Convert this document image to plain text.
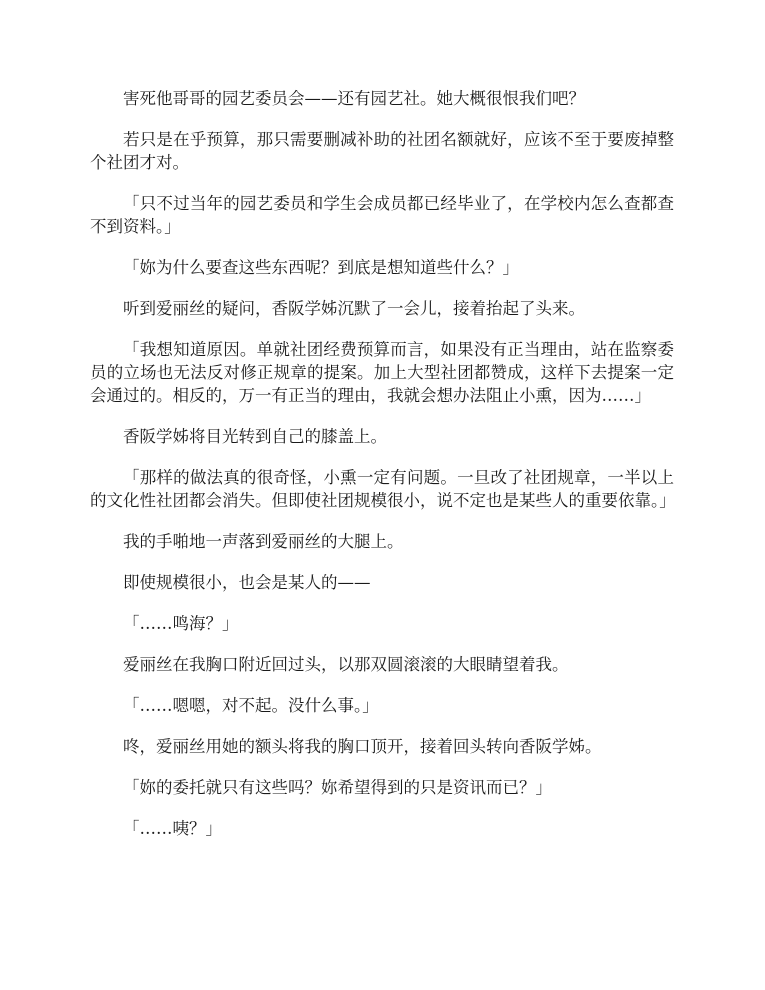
害死他哥哥的园艺委员会——还有园艺社。她大概很恨我们吧？

若只是在乎预算，那只需要删减补助的社团名额就好，应该不至于要废掉整个社团才对。

「只不过当年的园艺委员和学生会成员都已经毕业了，在学校内怎么查都查不到资料。」

「妳为什么要查这些东西呢？到底是想知道些什么？」

听到爱丽丝的疑问，香阪学姊沉默了一会儿，接着抬起了头来。

「我想知道原因。单就社团经费预算而言，如果没有正当理由，站在监察委员的立场也无法反对修正规章的提案。加上大型社团都赞成，这样下去提案一定会通过的。相反的，万一有正当的理由，我就会想办法阻止小熏，因为……」

香阪学姊将目光转到自己的膝盖上。

「那样的做法真的很奇怪，小熏一定有问题。一旦改了社团规章，一半以上的文化性社团都会消失。但即使社团规模很小，说不定也是某些人的重要依靠。」

我的手啪地一声落到爱丽丝的大腿上。

即使规模很小，也会是某人的——

「……鸣海？」

爱丽丝在我胸口附近回过头，以那双圆滚滚的大眼睛望着我。

「……嗯嗯，对不起。没什么事。」

咚，爱丽丝用她的额头将我的胸口顶开，接着回头转向香阪学姊。

「妳的委托就只有这些吗？妳希望得到的只是资讯而已？」

「……咦？」
